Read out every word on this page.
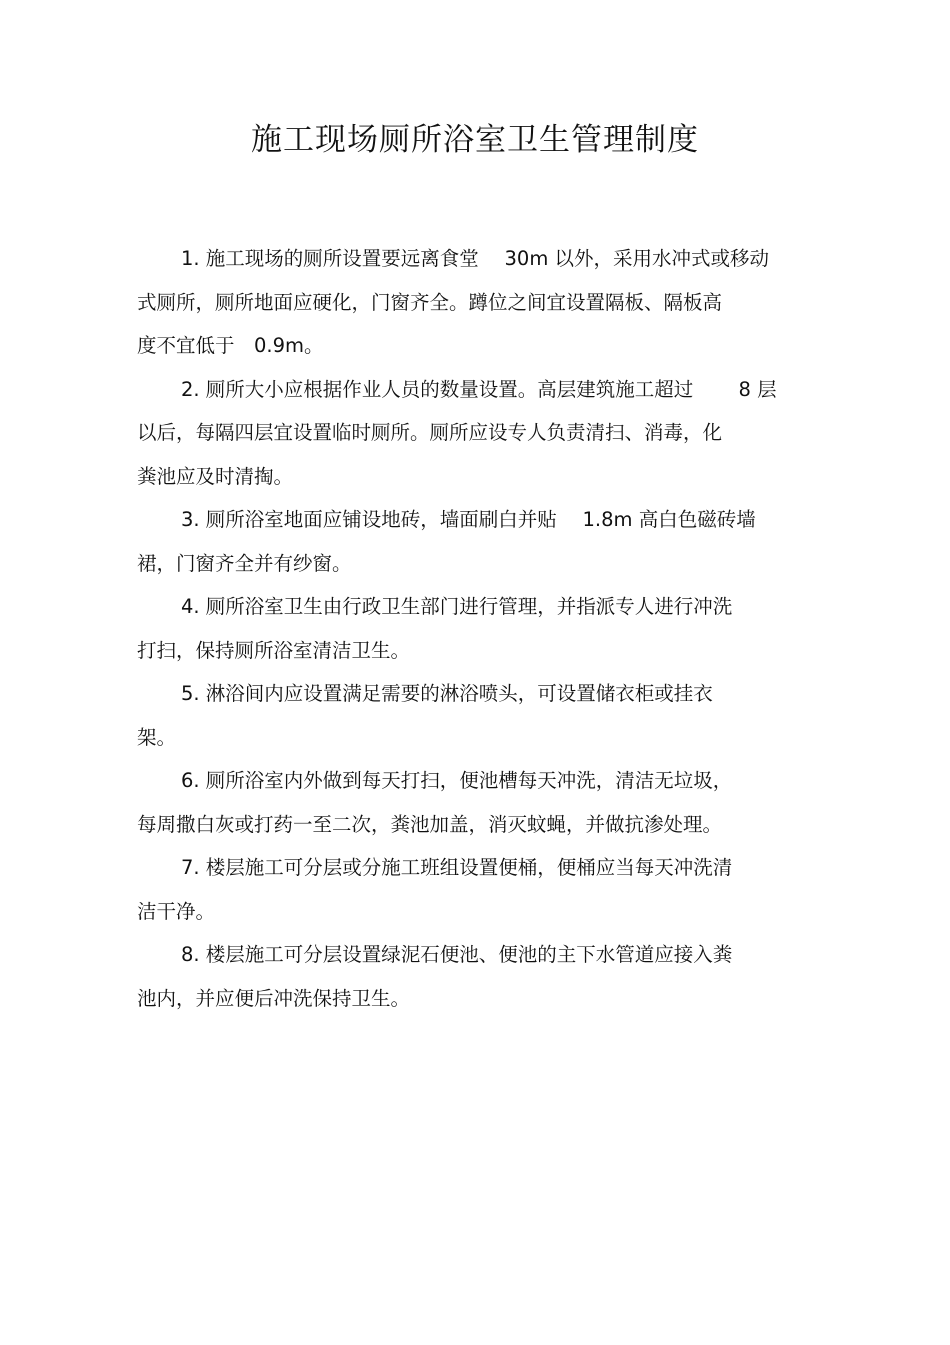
施工现场厕所浴室卫生管理制度
1. 施工现场的厕所设置要远离食堂　 30m 以外，采用水冲式或移动
式厕所，厕所地面应硬化，门窗齐全。蹲位之间宜设置隔板、隔板高
度不宜低于　0.9m。
2. 厕所大小应根据作业人员的数量设置。高层建筑施工超过　　 8 层
以后，每隔四层宜设置临时厕所。厕所应设专人负责清扫、消毒，化
粪池应及时清掏。
3. 厕所浴室地面应铺设地砖，墙面刷白并贴　 1.8m 高白色磁砖墙
裙，门窗齐全并有纱窗。
4. 厕所浴室卫生由行政卫生部门进行管理，并指派专人进行冲洗
打扫，保持厕所浴室清洁卫生。
5. 淋浴间内应设置满足需要的淋浴喷头，可设置储衣柜或挂衣
架。
6. 厕所浴室内外做到每天打扫，便池槽每天冲洗，清洁无垃圾，
每周撒白灰或打药一至二次，粪池加盖，消灭蚊蝇，并做抗渗处理。
7. 楼层施工可分层或分施工班组设置便桶，便桶应当每天冲洗清
洁干净。
8. 楼层施工可分层设置绿泥石便池、便池的主下水管道应接入粪
池内，并应便后冲洗保持卫生。
